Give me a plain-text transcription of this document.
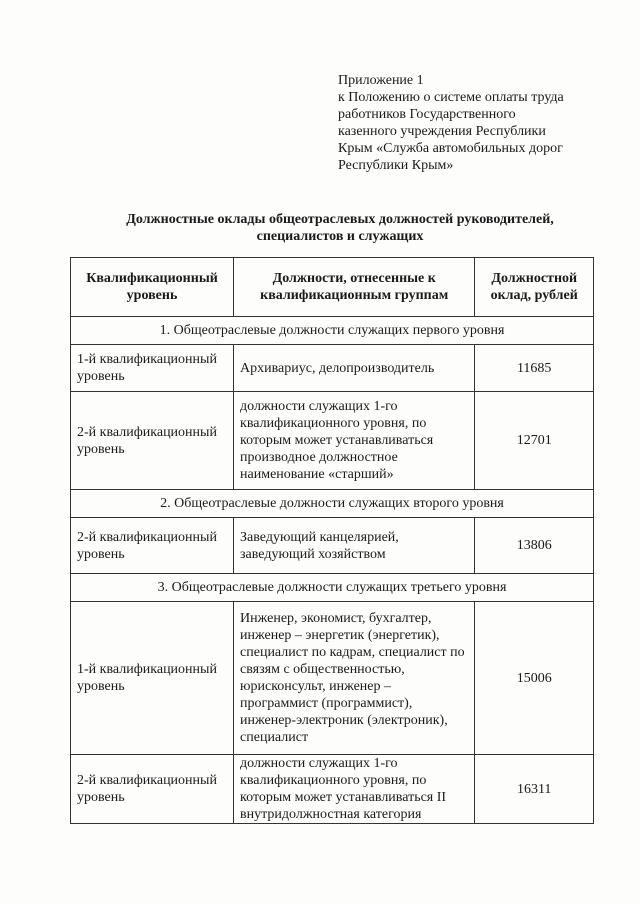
Приложение 1
к Положению о системе оплаты труда
работников Государственного
казенного учреждения Республики
Крым «Служба автомобильных дорог
Республики Крым»
Должностные оклады общеотраслевых должностей руководителей,
специалистов и служащих
Квалификационный уровень	Должности, отнесенные к квалификационным группам	Должностной оклад, рублей
1. Общеотраслевые должности служащих первого уровня		
1-й квалификационный уровень	Архивариус, делопроизводитель	11685
2-й квалификационный уровень	должности служащих 1-го квалификационного уровня, по которым может устанавливаться производное должностное наименование «старший»	12701
2. Общеотраслевые должности служащих второго уровня		
2-й квалификационный уровень	Заведующий канцелярией, заведующий хозяйством	13806
3. Общеотраслевые должности служащих третьего уровня		
1-й квалификационный уровень	Инженер, экономист, бухгалтер, инженер – энергетик (энергетик), специалист по кадрам, специалист по связям с общественностью, юрисконсульт, инженер – программист (программист), инженер-электроник (электроник), специалист	15006
2-й квалификационный уровень	должности служащих 1-го квалификационного уровня, по которым может устанавливаться II внутридолжностная категория	16311
